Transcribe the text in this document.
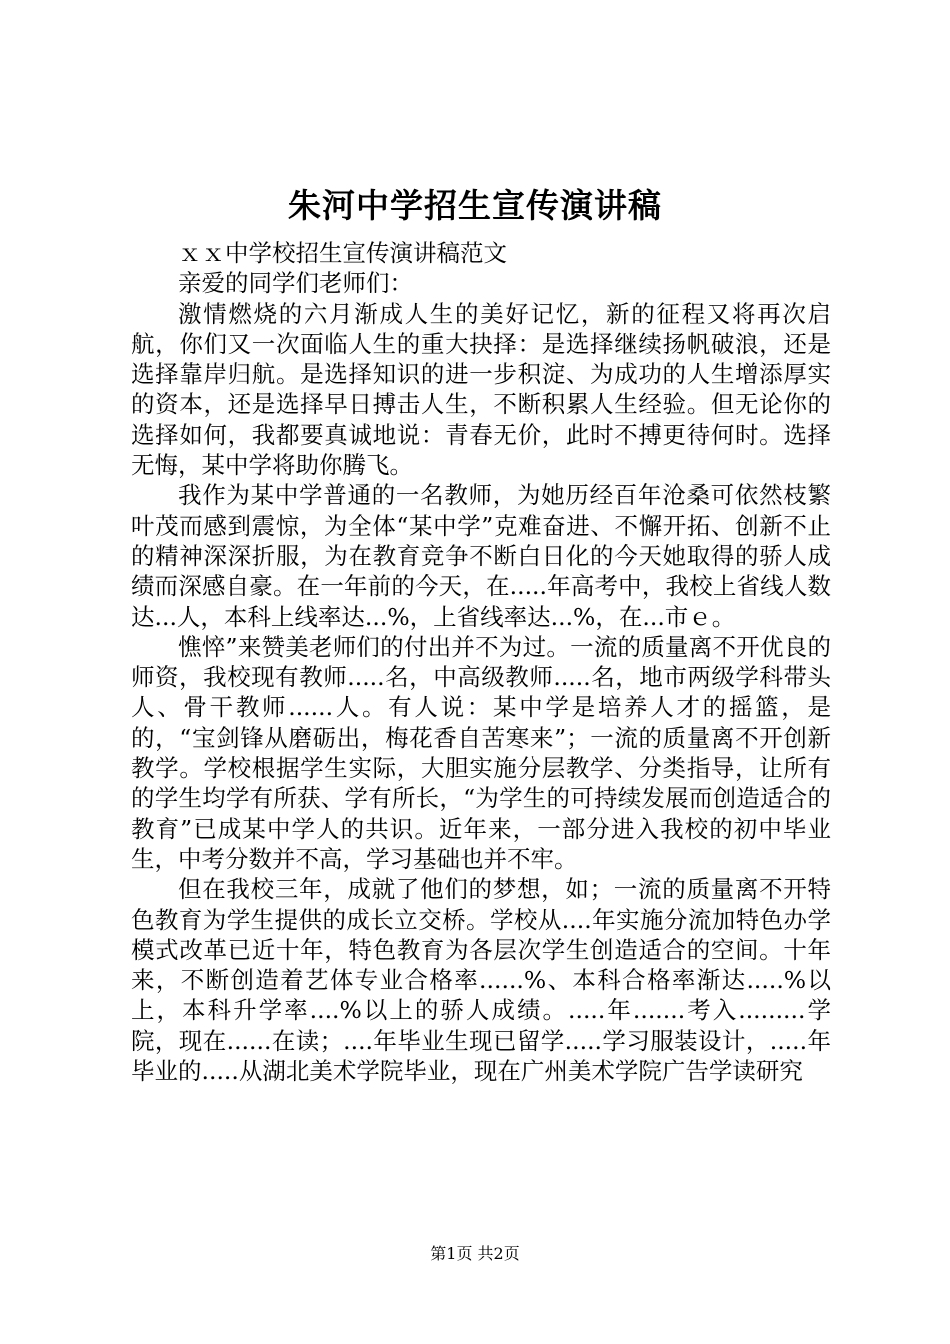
朱河中学招生宣传演讲稿

ｘｘ中学校招生宣传演讲稿范文

亲爱的同学们老师们：

激情燃烧的六月渐成人生的美好记忆，新的征程又将再次启航，你们又一次面临人生的重大抉择：是选择继续扬帆破浪，还是选择靠岸归航。是选择知识的进一步积淀、为成功的人生增添厚实的资本，还是选择早日搏击人生，不断积累人生经验。但无论你的选择如何，我都要真诚地说：青春无价，此时不搏更待何时。选择无悔，某中学将助你腾飞。

我作为某中学普通的一名教师，为她历经百年沧桑可依然枝繁叶茂而感到震惊，为全体“某中学”克难奋进、不懈开拓、创新不止的精神深深折服，为在教育竞争不断白日化的今天她取得的骄人成绩而深感自豪。在一年前的今天，在.....年高考中，我校上省线人数达...人，本科上线率达...%，上省线率达...%，在...市ｅ。

憔悴”来赞美老师们的付出并不为过。一流的质量离不开优良的师资，我校现有教师.....名，中高级教师.....名，地市两级学科带头人、骨干教师......人。有人说：某中学是培养人才的摇篮，是的，“宝剑锋从磨砺出，梅花香自苦寒来”；一流的质量离不开创新教学。学校根据学生实际，大胆实施分层教学、分类指导，让所有的学生均学有所获、学有所长，“为学生的可持续发展而创造适合的教育”已成某中学人的共识。近年来，一部分进入我校的初中毕业生，中考分数并不高，学习基础也并不牢。

但在我校三年，成就了他们的梦想，如；一流的质量离不开特色教育为学生提供的成长立交桥。学校从....年实施分流加特色办学模式改革已近十年，特色教育为各层次学生创造适合的空间。十年来，不断创造着艺体专业合格率......%、本科合格率渐达.....%以上，本科升学率....%以上的骄人成绩。.....年.......考入.........学院，现在......在读；....年毕业生现已留学.....学习服装设计，.....年毕业的.....从湖北美术学院毕业，现在广州美术学院广告学读研究

第1页 共2页
